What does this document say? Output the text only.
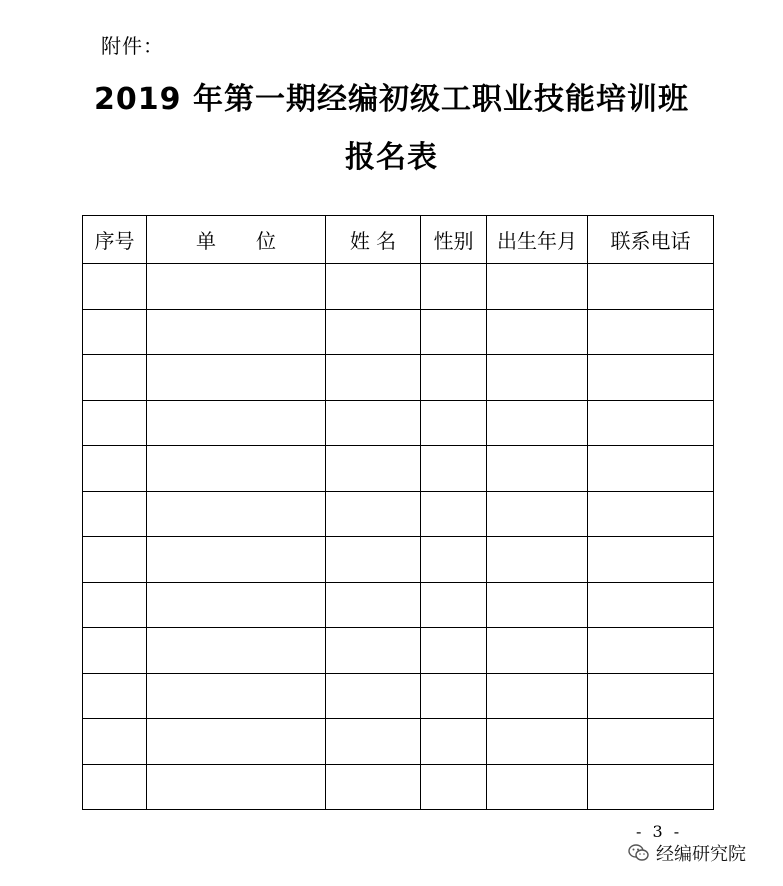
附件：
2019 年第一期经编初级工职业技能培训班
报名表
序号	单　　位	姓 名	性别	出生年月	联系电话

- 3 -
经编研究院
